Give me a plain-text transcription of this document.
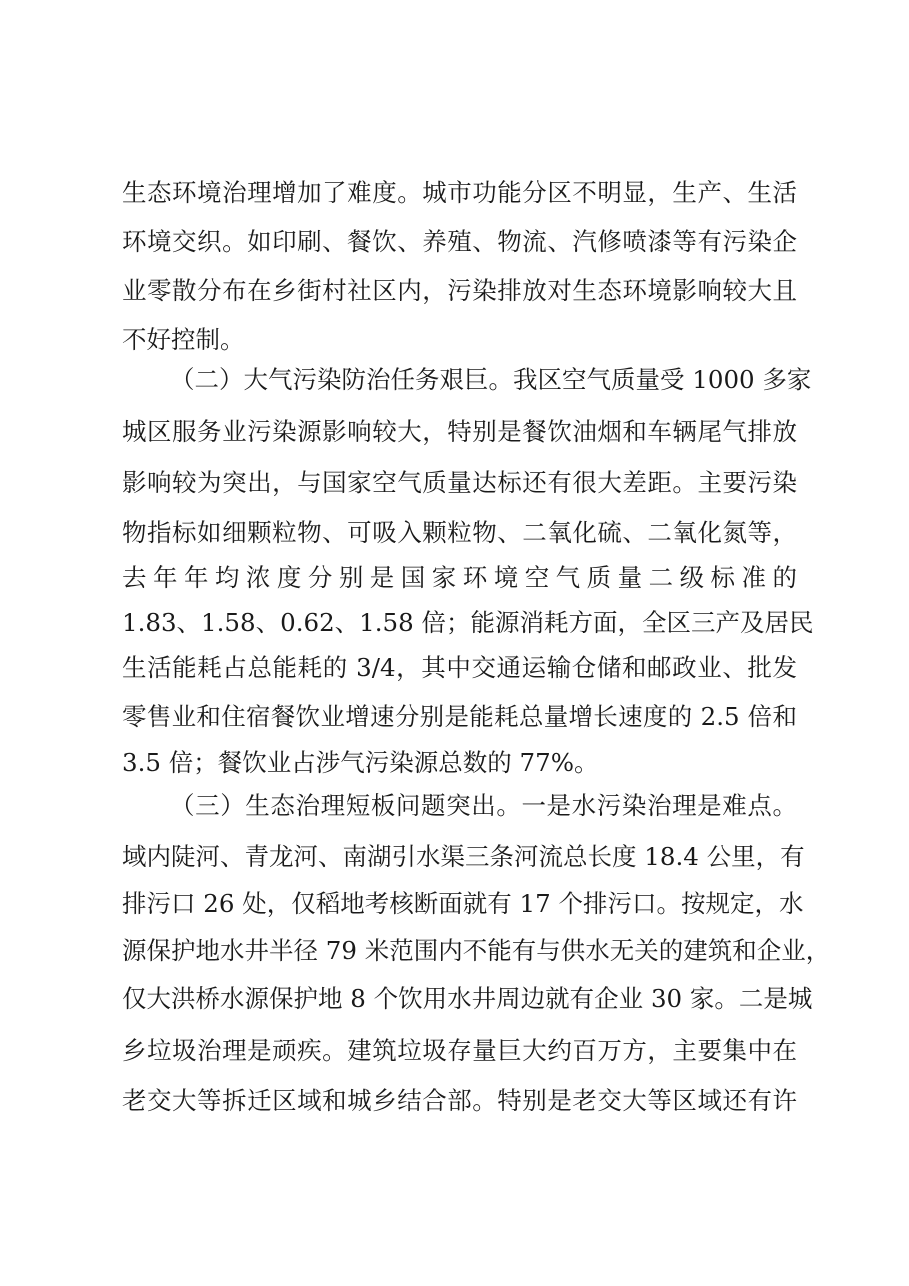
生态环境治理增加了难度。城市功能分区不明显，生产、生活
环境交织。如印刷、餐饮、养殖、物流、汽修喷漆等有污染企
业零散分布在乡街村社区内，污染排放对生态环境影响较大且
不好控制。
（二）大气污染防治任务艰巨。我区空气质量受 1000 多家
城区服务业污染源影响较大，特别是餐饮油烟和车辆尾气排放
影响较为突出，与国家空气质量达标还有很大差距。主要污染
物指标如细颗粒物、可吸入颗粒物、二氧化硫、二氧化氮等，
去年年均浓度分别是国家环境空气质量二级标准的
1.83、1.58、0.62、1.58 倍；能源消耗方面，全区三产及居民
生活能耗占总能耗的 3/4，其中交通运输仓储和邮政业、批发
零售业和住宿餐饮业增速分别是能耗总量增长速度的 2.5 倍和
3.5 倍；餐饮业占涉气污染源总数的 77%。
（三）生态治理短板问题突出。一是水污染治理是难点。
域内陡河、青龙河、南湖引水渠三条河流总长度 18.4 公里，有
排污口 26 处，仅稻地考核断面就有 17 个排污口。按规定，水
源保护地水井半径 79 米范围内不能有与供水无关的建筑和企业，
仅大洪桥水源保护地 8 个饮用水井周边就有企业 30 家。二是城
乡垃圾治理是顽疾。建筑垃圾存量巨大约百万方，主要集中在
老交大等拆迁区域和城乡结合部。特别是老交大等区域还有许
